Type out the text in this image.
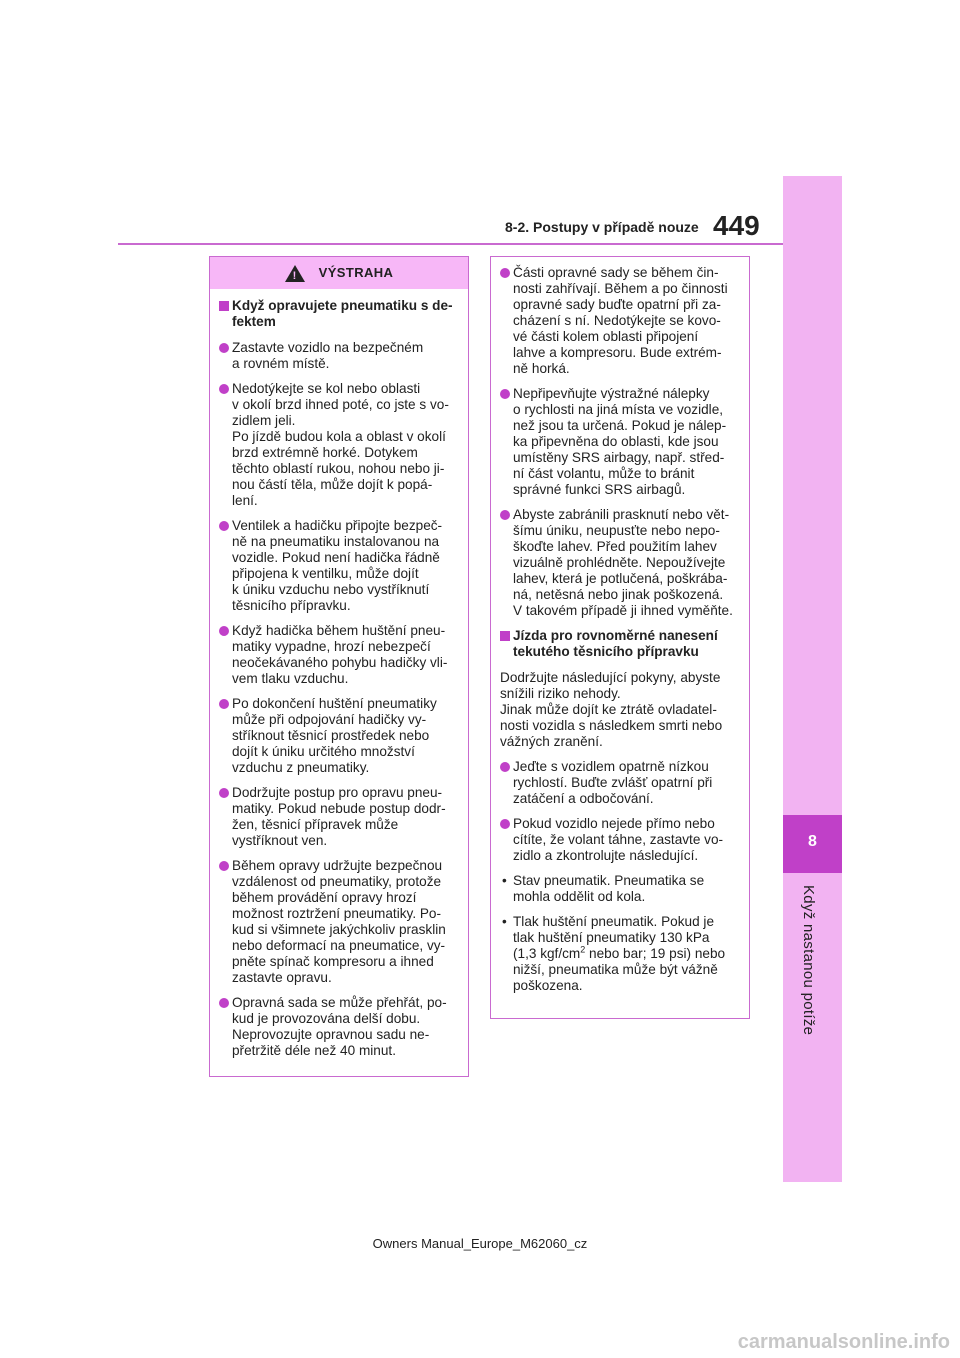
8
Když nastanou potíže
8-2. Postupy v případě nouze 449
!
VÝSTRAHA
Když opravujete pneumatiku s de-
fektem
Zastavte vozidlo na bezpečném
a rovném místě.
Nedotýkejte se kol nebo oblasti
v okolí brzd ihned poté, co jste s vo-
zidlem jeli.
Po jízdě budou kola a oblast v okolí
brzd extrémně horké. Dotykem
těchto oblastí rukou, nohou nebo ji-
nou částí těla, může dojít k popá-
lení.
Ventilek a hadičku připojte bezpeč-
ně na pneumatiku instalovanou na
vozidle. Pokud není hadička řádně
připojena k ventilku, může dojít
k úniku vzduchu nebo vystříknutí
těsnicího přípravku.
Když hadička během huštění pneu-
matiky vypadne, hrozí nebezpečí
neočekávaného pohybu hadičky vli-
vem tlaku vzduchu.
Po dokončení huštění pneumatiky
může při odpojování hadičky vy-
stříknout těsnicí prostředek nebo
dojít k úniku určitého množství
vzduchu z pneumatiky.
Dodržujte postup pro opravu pneu-
matiky. Pokud nebude postup dodr-
žen, těsnicí přípravek může
vystříknout ven.
Během opravy udržujte bezpečnou
vzdálenost od pneumatiky, protože
během provádění opravy hrozí
možnost roztržení pneumatiky. Po-
kud si všimnete jakýchkoliv prasklin
nebo deformací na pneumatice, vy-
pněte spínač kompresoru a ihned
zastavte opravu.
Opravná sada se může přehřát, po-
kud je provozována delší dobu.
Neprovozujte opravnou sadu ne-
přetržitě déle než 40 minut.
Části opravné sady se během čin-
nosti zahřívají. Během a po činnosti
opravné sady buďte opatrní při za-
cházení s ní. Nedotýkejte se kovo-
vé části kolem oblasti připojení
lahve a kompresoru. Bude extrém-
ně horká.
Nepřipevňujte výstražné nálepky
o rychlosti na jiná místa ve vozidle,
než jsou ta určená. Pokud je nálep-
ka připevněna do oblasti, kde jsou
umístěny SRS airbagy, např. střed-
ní část volantu, může to bránit
správné funkci SRS airbagů.
Abyste zabránili prasknutí nebo vět-
šímu úniku, neupusťte nebo nepo-
škoďte lahev. Před použitím lahev
vizuálně prohlédněte. Nepoužívejte
lahev, která je potlučená, poškrába-
ná, netěsná nebo jinak poškozená.
V takovém případě ji ihned vyměňte.
Jízda pro rovnoměrné nanesení
tekutého těsnicího přípravku
Dodržujte následující pokyny, abyste
snížili riziko nehody.
Jinak může dojít ke ztrátě ovladatel-
nosti vozidla s následkem smrti nebo
vážných zranění.
Jeďte s vozidlem opatrně nízkou
rychlostí. Buďte zvlášť opatrní při
zatáčení a odbočování.
Pokud vozidlo nejede přímo nebo
cítíte, že volant táhne, zastavte vo-
zidlo a zkontrolujte následující.
• Stav pneumatik. Pneumatika se
mohla oddělit od kola.
• Tlak huštění pneumatik. Pokud je
tlak huštění pneumatiky 130 kPa
(1,3 kgf/$cm^2$ nebo bar; 19 psi) nebo
nižší, pneumatika může být vážně
poškozena.
Owners Manual_Europe_M62060_cz
carmanualsonline.info
